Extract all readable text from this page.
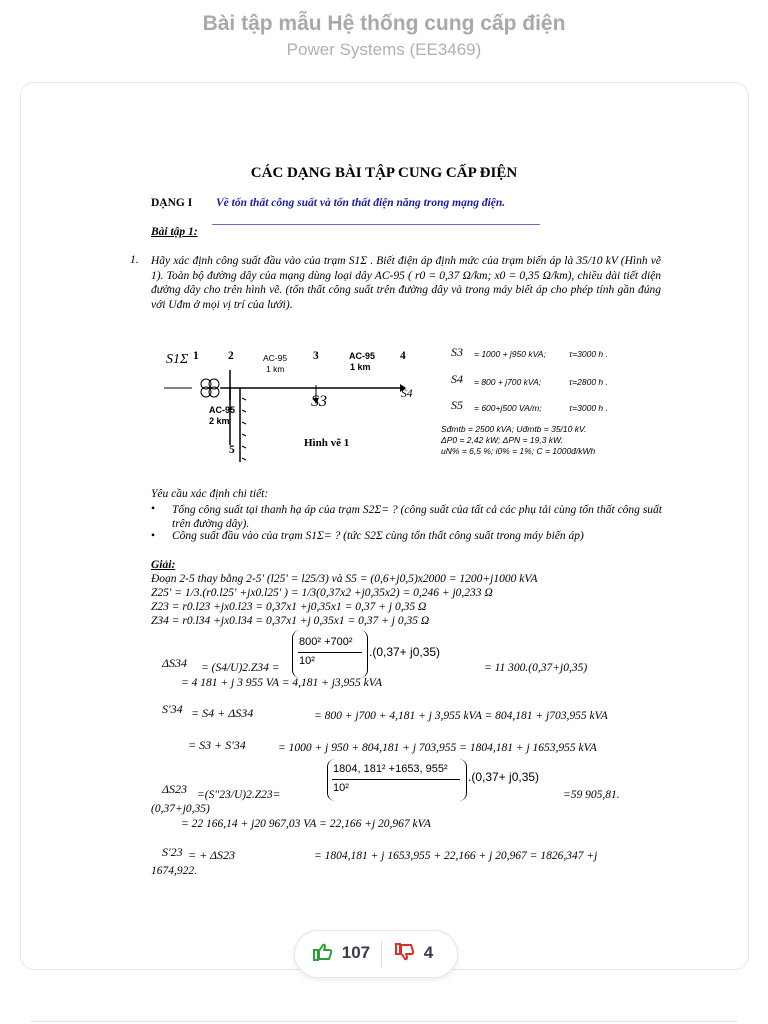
Bài tập mẫu Hệ thống cung cấp điện
Power Systems (EE3469)
CÁC DẠNG BÀI TẬP CUNG CẤP ĐIỆN
DẠNG I Về tổn thất công suất và tổn thất điện năng trong mạng điện.
Bài tập 1:
1. Hãy xác định công suất đầu vào của trạm S1Σ . Biết điện áp định mức của trạm biến áp là 35/10 kV (Hình vẽ 1). Toàn bộ đường dây của mạng dùng loại dây AC-95 ( r0 = 0,37 Ω/km; x0 = 0,35 Ω/km), chiều dài tiết diện đường dây cho trên hình vẽ. (tổn thất công suất trên đường dây và trong máy biết áp cho phép tính gần đúng với Uđm ở mọi vị trí của lưới).
S1Σ 1	2	3	4
5
AC-95
1 km
AC-95
1 km
AC-95
2 km
S3	S4
Hình vẽ 1
S3 = 1000 + j950 kVA;	τ=3000 h .
S4 = 800 + j700 kVA;	τ=2800 h .
S5 = 600+j500 VA/m;	τ=3000 h .
Sđmtb = 2500 kVA; Uđmtb = 35/10 kV.
ΔP0 = 2,42 kW; ΔPN = 19,3 kW.
uN% = 6,5 %; i0% = 1%; C = 1000đ/kWh
Yêu cầu xác định chi tiết:
• Tổng công suất tại thanh hạ áp của trạm S2Σ= ? (công suất của tất cả các phụ tải cùng tổn thất công suất trên đường dây).
• Công suất đầu vào của trạm S1Σ= ? (tức S2Σ cùng tổn thất công suất trong máy biến áp)
Giải:
Đoạn 2-5 thay bằng 2-5' (l25' = l25/3) và S5 = (0,6+j0,5)x2000 = 1200+j1000 kVA
Z25' = 1/3.(r0.l25' +jx0.l25' ) = 1/3(0,37x2 +j0,35x2) = 0,246 + j0,233 Ω
Z23 = r0.l23 +jx0.l23 = 0,37x1 +j0,35x1 = 0,37 + j 0,35 Ω
Z34 = r0.l34 +jx0.l34 = 0,37x1 +j 0,35x1 = 0,37 + j 0,35 Ω
ΔS34 = (S4/U)2.Z34 =
800² +700²
10²
.(0,37+ j0,35)
= 11 300.(0,37+j0,35)
= 4 181 + j 3 955 VA = 4,181 + j3,955 kVA
S'34 = S4 + ΔS34	= 800 + j700 + 4,181 + j 3,955 kVA = 804,181 + j703,955 kVA
= S3 + S'34	= 1000 + j 950 + 804,181 + j 703,955 = 1804,181 + j 1653,955 kVA
ΔS23 =(S''23/U)2.Z23=
1804, 181² +1653, 955²
10²
.(0,37+ j0,35)
=59 905,81.
(0,37+j0,35)
= 22 166,14 + j20 967,03 VA = 22,166 +j 20,967 kVA
S'23 = + ΔS23	= 1804,181 + j 1653,955 + 22,166 + j 20,967 = 1826,347 +j
1674,922.
107	4
